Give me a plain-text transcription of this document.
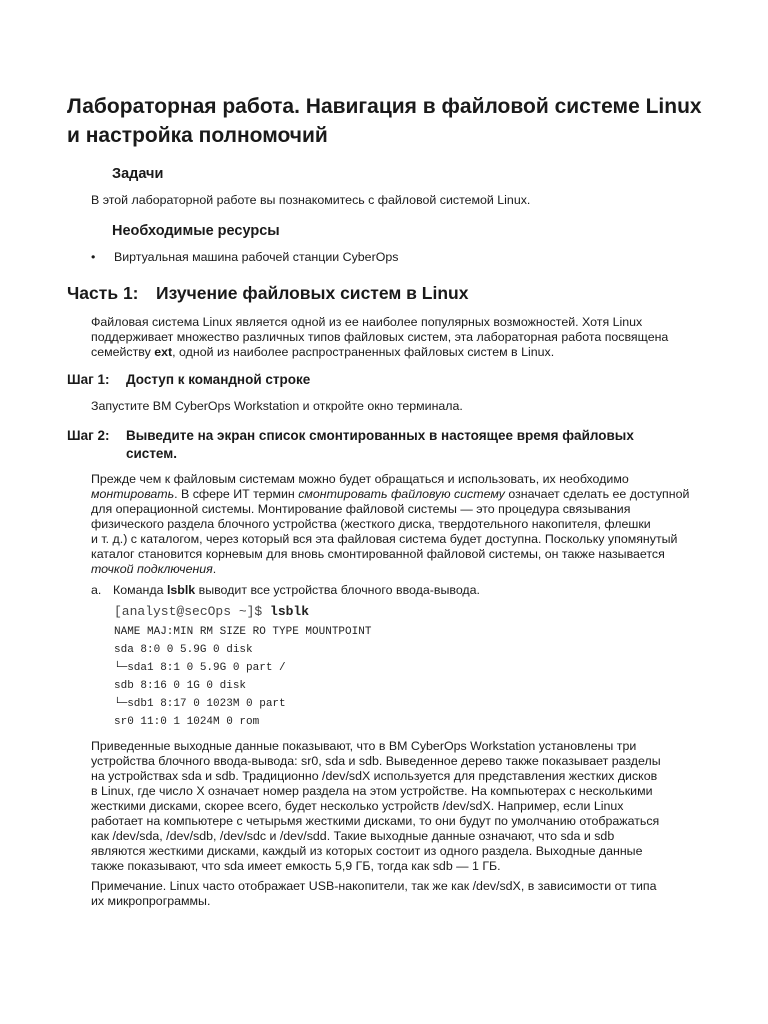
Лабораторная работа. Навигация в файловой системе Linux
и настройка полномочий
Задачи
В этой лабораторной работе вы познакомитесь с файловой системой Linux.
Необходимые ресурсы
• Виртуальная машина рабочей станции CyberOps
Часть 1: Изучение файловых систем в Linux
Файловая система Linux является одной из ее наиболее популярных возможностей. Хотя Linux
поддерживает множество различных типов файловых систем, эта лабораторная работа посвящена
семейству ext, одной из наиболее распространенных файловых систем в Linux.
Шаг 1: Доступ к командной строке
Запустите ВМ CyberOps Workstation и откройте окно терминала.
Шаг 2: Выведите на экран список смонтированных в настоящее время файловых
систем.
Прежде чем к файловым системам можно будет обращаться и использовать, их необходимо
монтировать. В сфере ИТ термин смонтировать файловую систему означает сделать ее доступной
для операционной системы. Монтирование файловой системы — это процедура связывания
физического раздела блочного устройства (жесткого диска, твердотельного накопителя, флешки
и т. д.) с каталогом, через который вся эта файловая система будет доступна. Поскольку упомянутый
каталог становится корневым для вновь смонтированной файловой системы, он также называется
точкой подключения.
a. Команда lsblk выводит все устройства блочного ввода-вывода.
[analyst@secOps ~]$ lsblk
NAME MAJ:MIN RM SIZE RO TYPE MOUNTPOINT
sda 8:0 0 5.9G 0 disk
└─sda1 8:1 0 5.9G 0 part /
sdb 8:16 0 1G 0 disk
└─sdb1 8:17 0 1023M 0 part
sr0 11:0 1 1024M 0 rom
Приведенные выходные данные показывают, что в ВМ CyberOps Workstation установлены три
устройства блочного ввода-вывода: sr0, sda и sdb. Выведенное дерево также показывает разделы
на устройствах sda и sdb. Традиционно /dev/sdX используется для представления жестких дисков
в Linux, где число X означает номер раздела на этом устройстве. На компьютерах с несколькими
жесткими дисками, скорее всего, будет несколько устройств /dev/sdX. Например, если Linux
работает на компьютере с четырьмя жесткими дисками, то они будут по умолчанию отображаться
как /dev/sda, /dev/sdb, /dev/sdc и /dev/sdd. Такие выходные данные означают, что sda и sdb
являются жесткими дисками, каждый из которых состоит из одного раздела. Выходные данные
также показывают, что sda имеет емкость 5,9 ГБ, тогда как sdb — 1 ГБ.
Примечание. Linux часто отображает USB-накопители, так же как /dev/sdX, в зависимости от типа
их микропрограммы.
